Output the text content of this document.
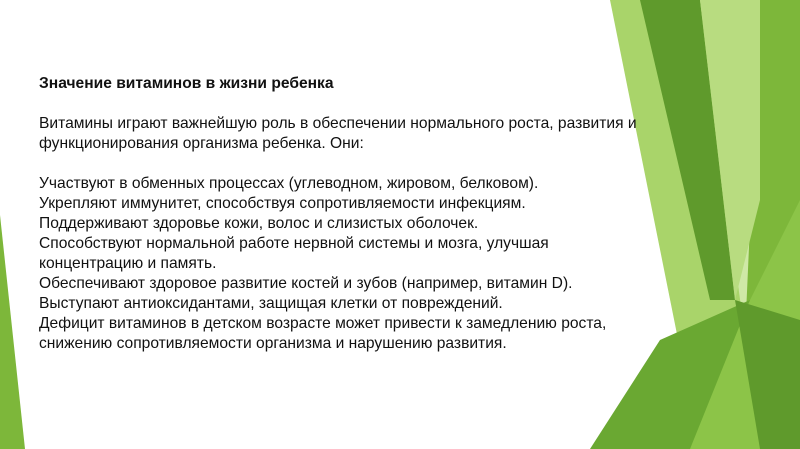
Значение витаминов в жизни ребенка

Витамины играют важнейшую роль в обеспечении нормального роста, развития и функционирования организма ребенка. Они:

Участвуют в обменных процессах (углеводном, жировом, белковом).

Укрепляют иммунитет, способствуя сопротивляемости инфекциям.

Поддерживают здоровье кожи, волос и слизистых оболочек.

Способствуют нормальной работе нервной системы и мозга, улучшая концентрацию и память.

Обеспечивают здоровое развитие костей и зубов (например, витамин D).

Выступают антиоксидантами, защищая клетки от повреждений.

Дефицит витаминов в детском возрасте может привести к замедлению роста, снижению сопротивляемости организма и нарушению развития.
